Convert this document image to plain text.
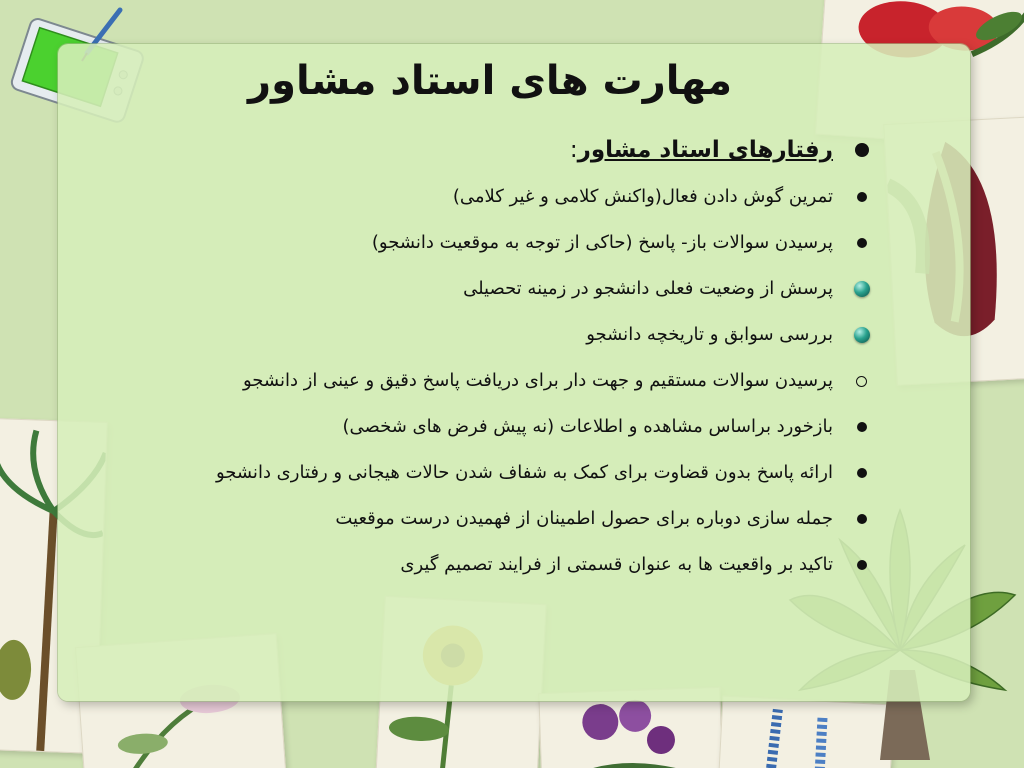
مهارت های استاد مشاور
رفتارهای استاد مشاور:
تمرین گوش دادن فعال(واکنش کلامی و غیر کلامی)
پرسیدن سوالات باز- پاسخ (حاکی از توجه به موقعیت دانشجو)
پرسش از وضعیت فعلی دانشجو در زمینه تحصیلی
بررسی سوابق و تاریخچه دانشجو
پرسیدن سوالات مستقیم و جهت دار برای دریافت پاسخ دقیق و عینی از دانشجو
بازخورد براساس مشاهده و اطلاعات (نه پیش فرض های شخصی)
ارائه پاسخ بدون قضاوت برای کمک به شفاف شدن حالات هیجانی و رفتاری دانشجو
جمله سازی دوباره برای حصول اطمینان از فهمیدن درست موقعیت
تاکید بر واقعیت ها به عنوان قسمتی از فرایند تصمیم گیری
